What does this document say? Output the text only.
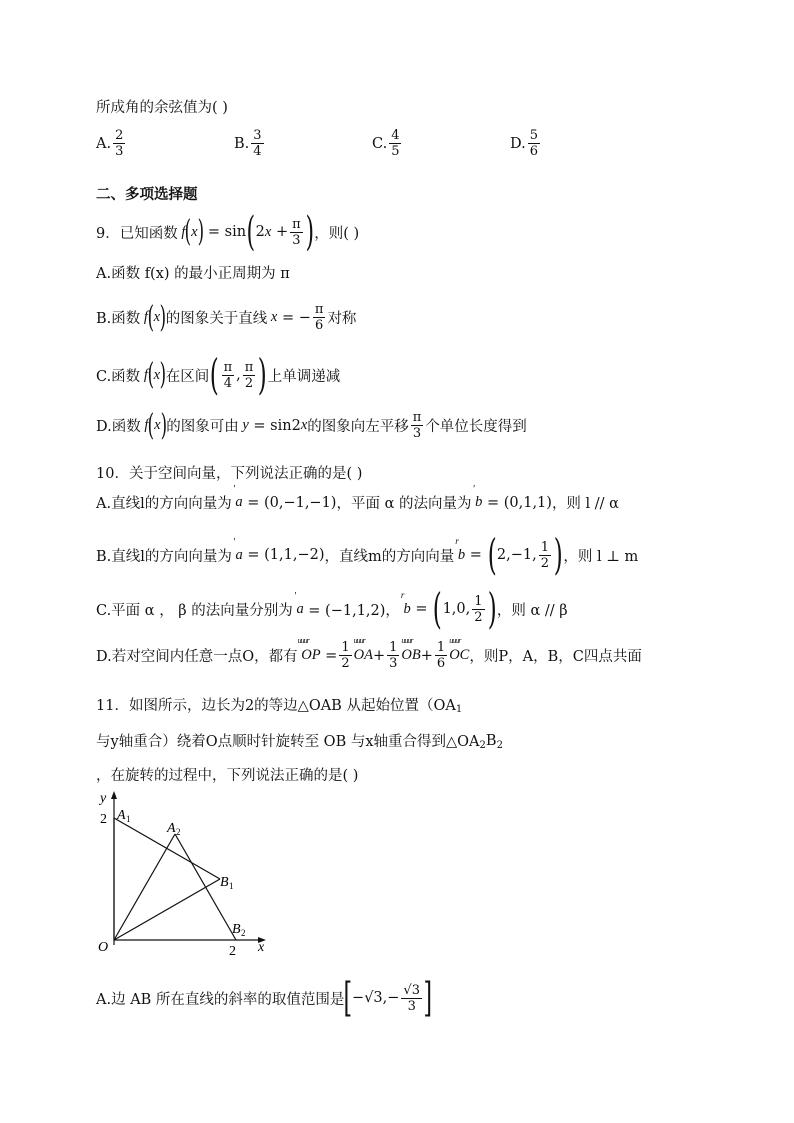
所成角的余弦值为( )
A. $\frac{2}{3}$	B. $\frac{3}{4}$	C. $\frac{4}{5}$	D. $\frac{5}{6}$
二、多项选择题
9．已知函数 f ( x ) = sin ( 2 $x + \frac{\pi}{3}$ ) ，则( )
A.函数 f(x) 的最小正周期为 π
B.函数 f ( x ) 的图象关于直线 x = − $\frac{\pi}{6}$ 对称
C.函数 f ( x ) 在区间 ( $\frac{\pi}{4}$ , $\frac{\pi}{2}$ ) 上单调递减
D.函数 f ( x ) 的图象可由 y = sin2 x 的图象向左平移 $\frac{\pi}{3}$ 个单位长度得到
10．关于空间向量，下列说法正确的是( )
A.直线l的方向向量为 '  a = (0,−1,−1) ，平面 α 的法向量为 '  b = (0,1,1) ，则 l // α
B.直线l的方向向量为 '  a = (1,1,−2) ，直线m的方向向量 r  b = ( 2,−1, $\frac{1}{2}$ ) ，则 l ⊥ m
C.平面 α ， β 的法向量分别为 '  a = (−1,1,2)， r  b = ( 1,0, $\frac{1}{2}$ ) ，则 α // β
D.若对空间内任意一点O，都有 uuur  OP = $\frac{1}{2}$ uuur OA + $\frac{1}{3}$ uuur OB + $\frac{1}{6}$ uuur OC ，则P，A，B，C四点共面
11．如图所示，边长为2的等边△OAB 从起始位置（OA 1
与y轴重合）绕着O点顺时针旋转至 OB 与x轴重合得到△OA 2 B 2
，在旋转的过程中，下列说法正确的是( )
y
x
O
2
2
A 1
A 2
B 1
B 2
A.边 AB 所在直线的斜率的取值范围是 [ $-√3,- \frac{√3}{3}$ ]
